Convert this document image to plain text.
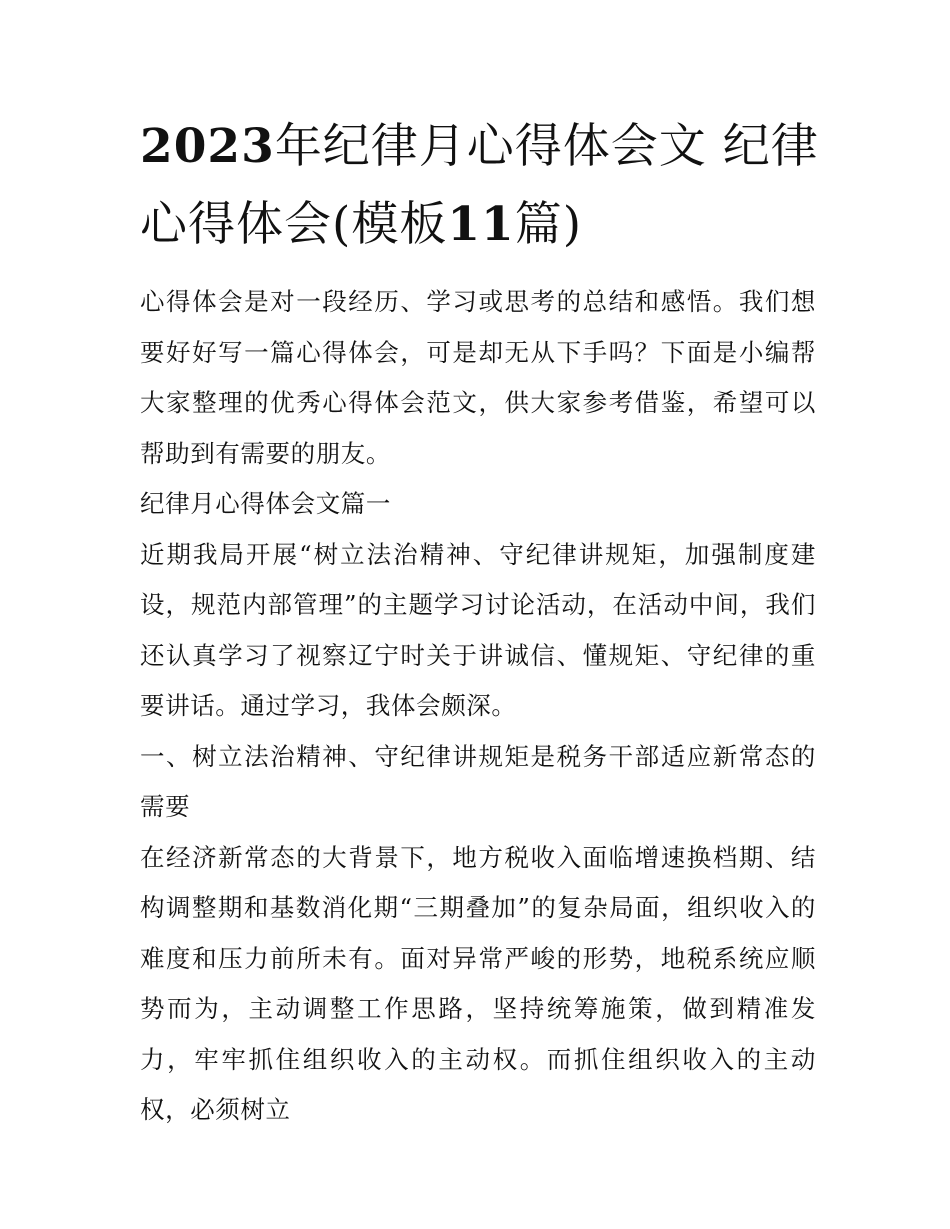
2023年纪律月心得体会文 纪律心得体会(模板11篇)

心得体会是对一段经历、学习或思考的总结和感悟。我们想要好好写一篇心得体会，可是却无从下手吗？下面是小编帮大家整理的优秀心得体会范文，供大家参考借鉴，希望可以帮助到有需要的朋友。

纪律月心得体会文篇一

近期我局开展“树立法治精神、守纪律讲规矩，加强制度建设，规范内部管理”的主题学习讨论活动，在活动中间，我们还认真学习了视察辽宁时关于讲诚信、懂规矩、守纪律的重要讲话。通过学习，我体会颇深。

一、树立法治精神、守纪律讲规矩是税务干部适应新常态的需要

在经济新常态的大背景下，地方税收入面临增速换档期、结构调整期和基数消化期“三期叠加”的复杂局面，组织收入的难度和压力前所未有。面对异常严峻的形势，地税系统应顺势而为，主动调整工作思路，坚持统筹施策，做到精准发力，牢牢抓住组织收入的主动权。而抓住组织收入的主动权，必须树立
